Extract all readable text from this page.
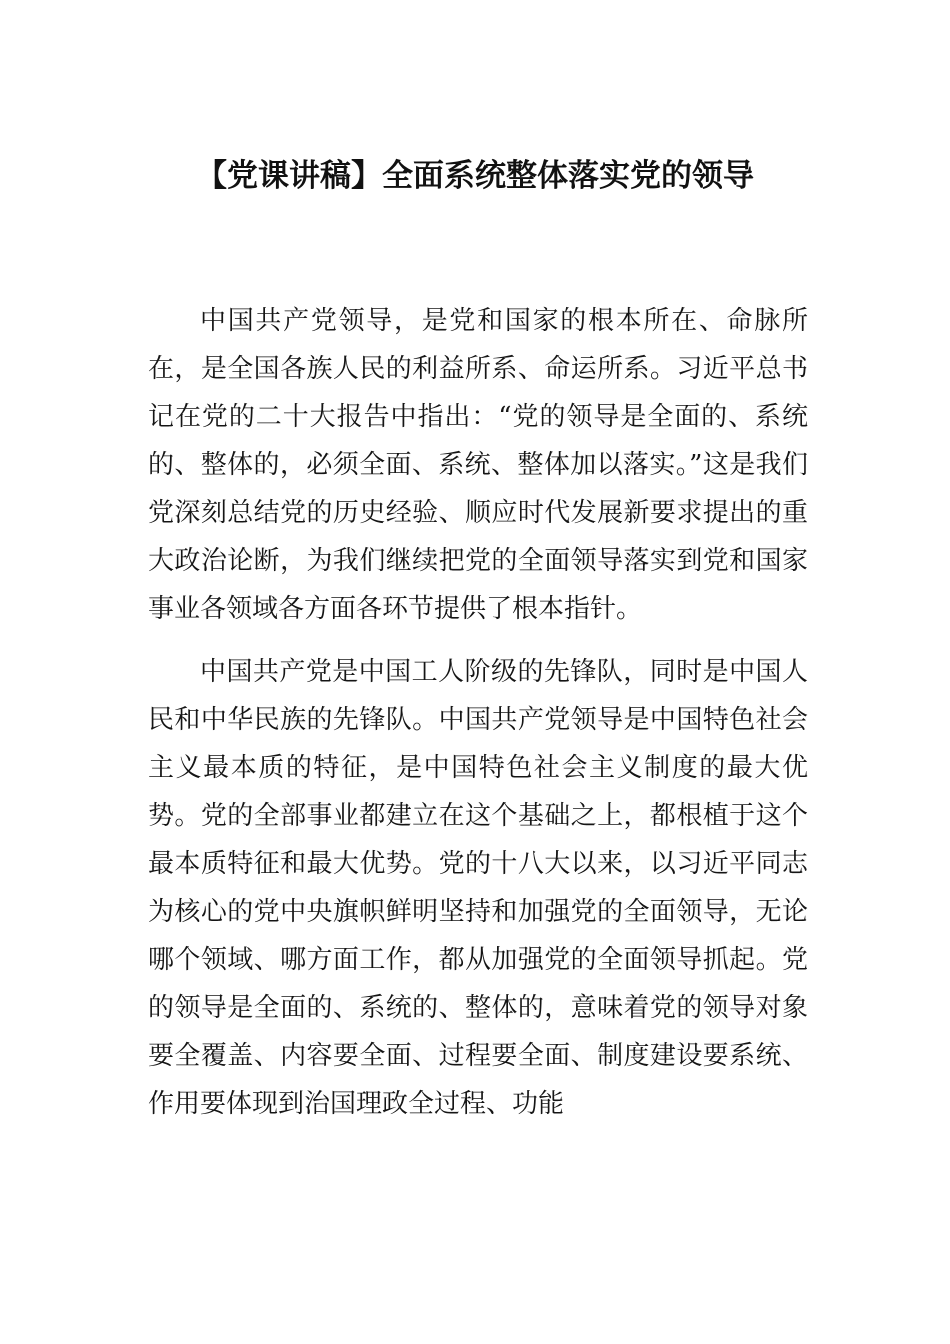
【党课讲稿】全面系统整体落实党的领导

中国共产党领导，是党和国家的根本所在、命脉所在，是全国各族人民的利益所系、命运所系。习近平总书记在党的二十大报告中指出：“党的领导是全面的、系统的、整体的，必须全面、系统、整体加以落实。”这是我们党深刻总结党的历史经验、顺应时代发展新要求提出的重大政治论断，为我们继续把党的全面领导落实到党和国家事业各领域各方面各环节提供了根本指针。

中国共产党是中国工人阶级的先锋队，同时是中国人民和中华民族的先锋队。中国共产党领导是中国特色社会主义最本质的特征，是中国特色社会主义制度的最大优势。党的全部事业都建立在这个基础之上，都根植于这个最本质特征和最大优势。党的十八大以来，以习近平同志为核心的党中央旗帜鲜明坚持和加强党的全面领导，无论哪个领域、哪方面工作，都从加强党的全面领导抓起。党的领导是全面的、系统的、整体的，意味着党的领导对象要全覆盖、内容要全面、过程要全面、制度建设要系统、作用要体现到治国理政全过程、功能
